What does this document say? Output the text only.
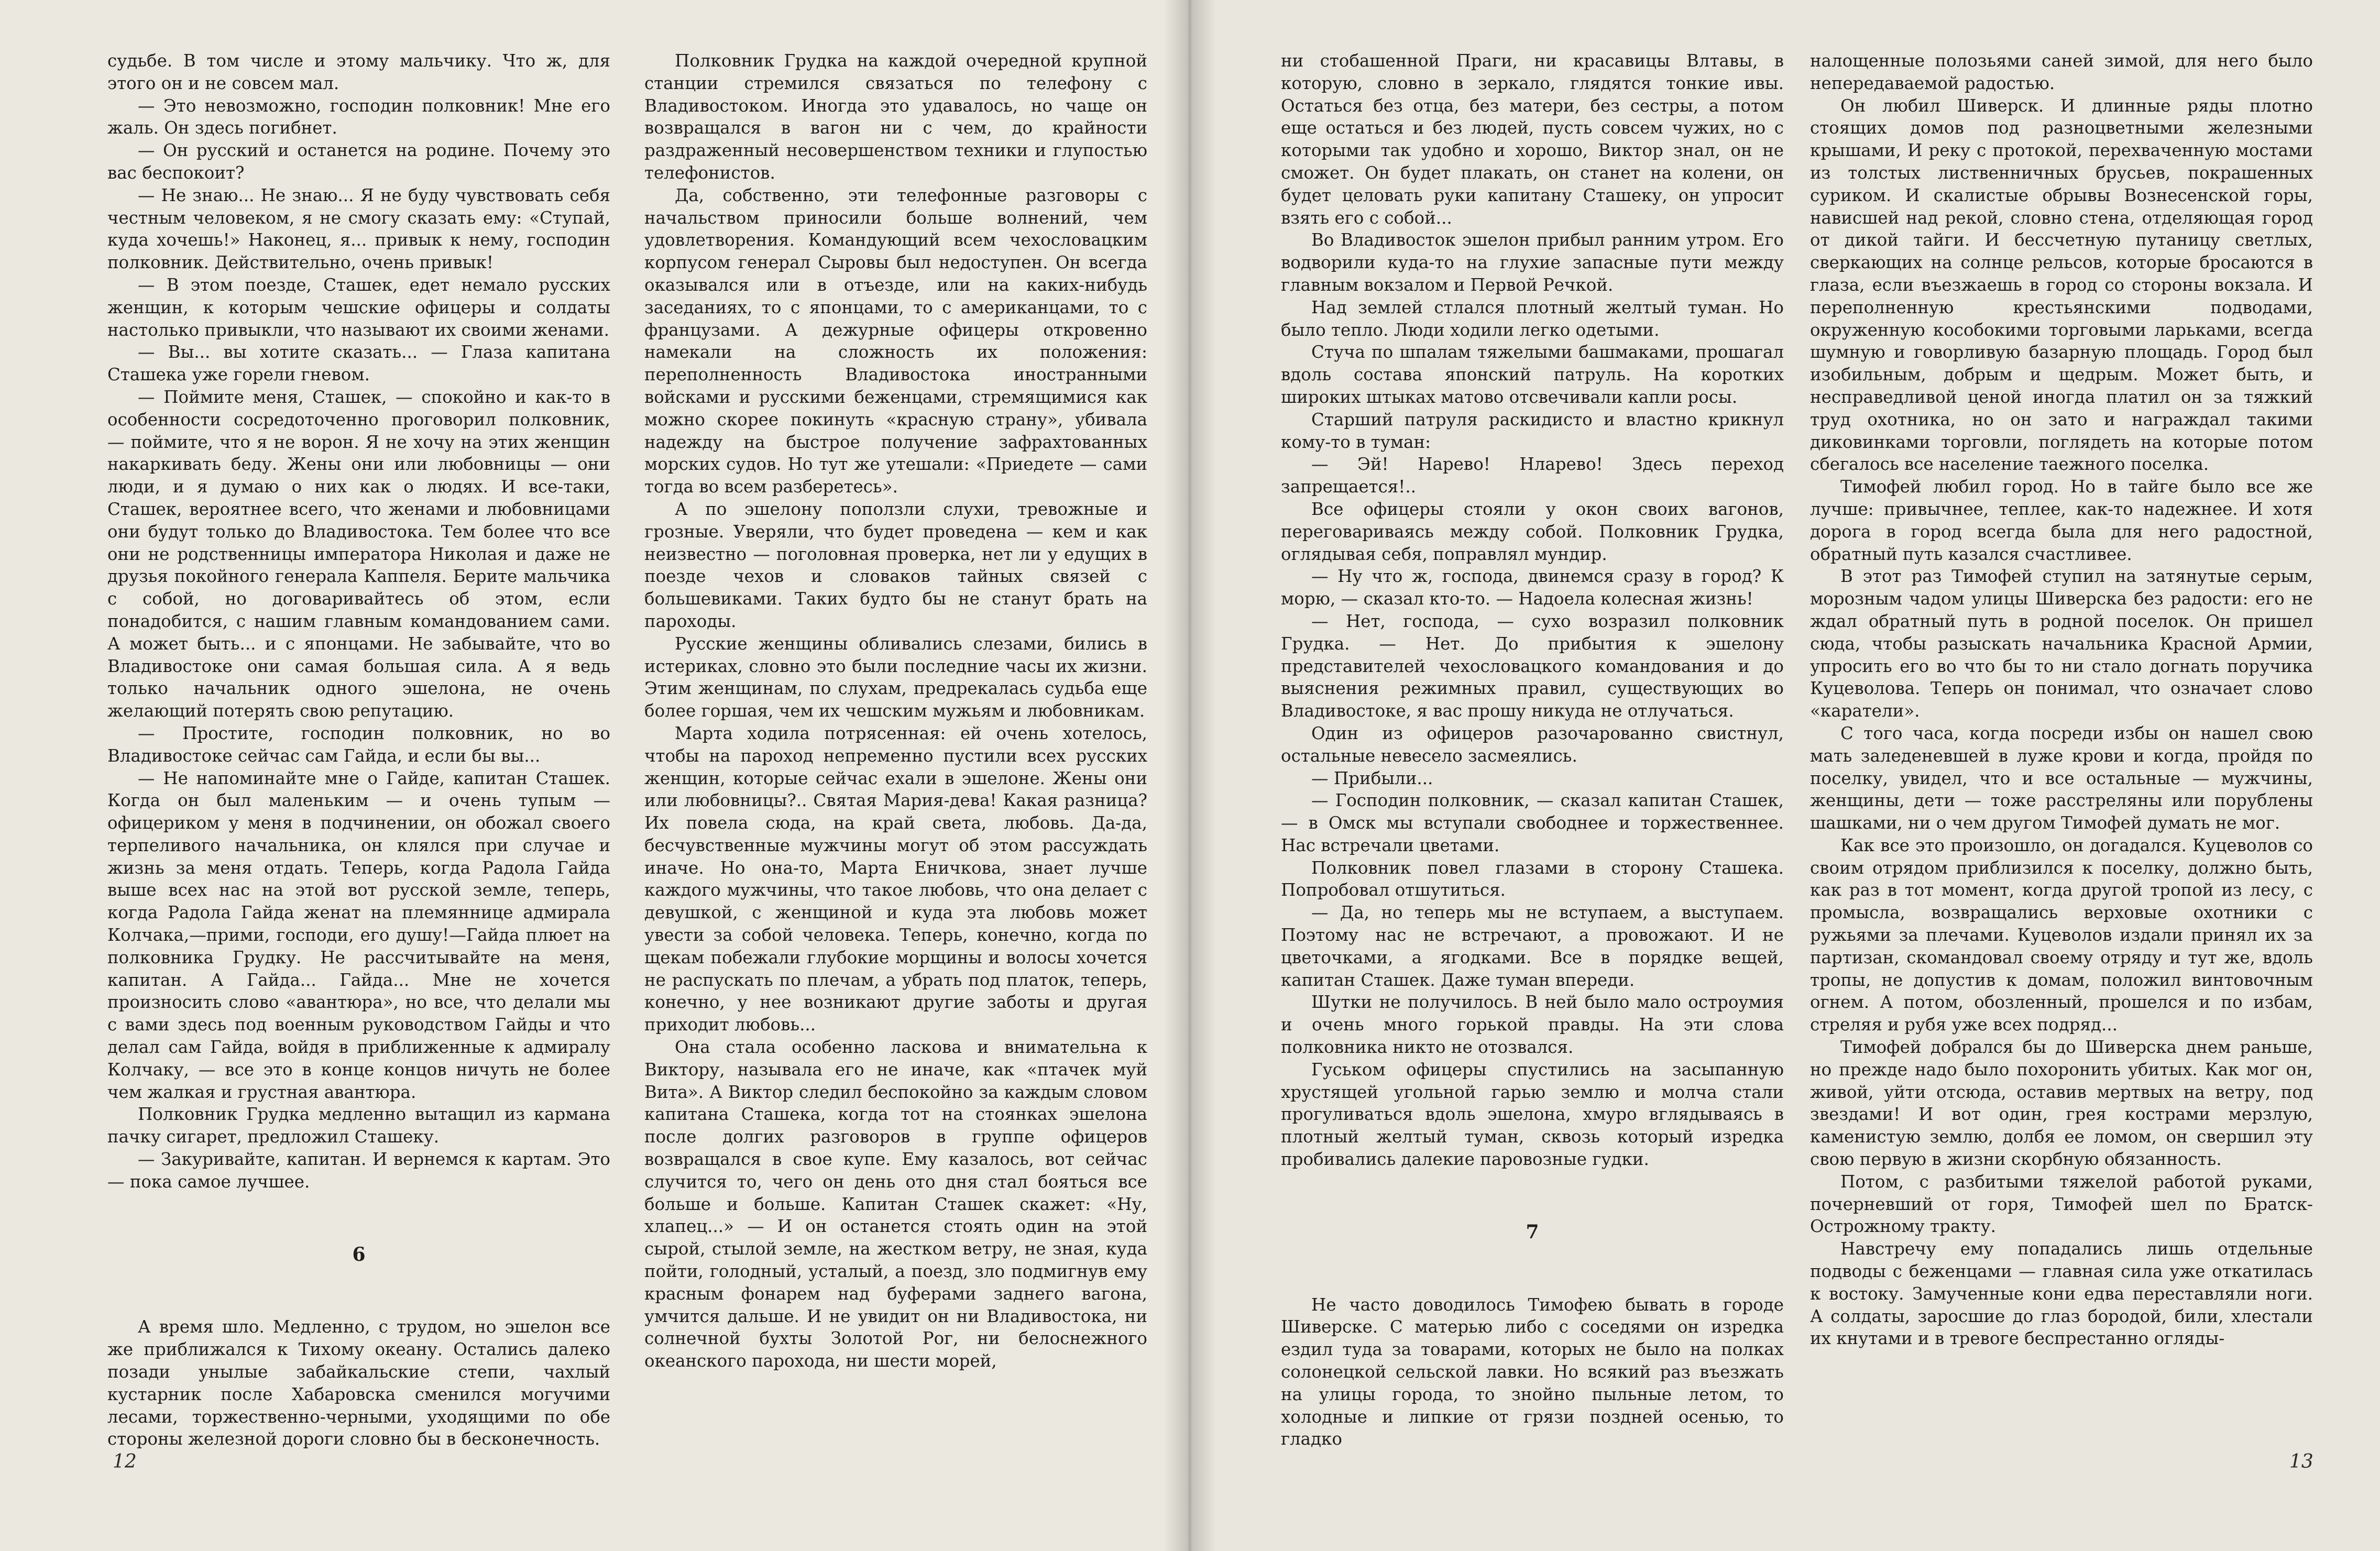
судьбе. В том числе и этому мальчику. Что ж, для этого он и не совсем мал.

— Это невозможно, господин полковник! Мне его жаль. Он здесь погибнет.

— Он русский и останется на родине. Почему это вас беспокоит?

— Не знаю... Не знаю... Я не буду чувствовать себя честным человеком, я не смогу сказать ему: «Ступай, куда хочешь!» Наконец, я... привык к нему, господин полковник. Действительно, очень привык!

— В этом поезде, Сташек, едет немало русских женщин, к которым чешские офицеры и солдаты настолько привыкли, что называют их своими женами.

— Вы... вы хотите сказать... — Глаза капитана Сташека уже горели гневом.

— Поймите меня, Сташек, — спокойно и как-то в особенности сосредоточенно проговорил полковник, — поймите, что я не ворон. Я не хочу на этих женщин накаркивать беду. Жены они или любовницы — они люди, и я думаю о них как о людях. И все-таки, Сташек, вероятнее всего, что женами и любовницами они будут только до Владивостока. Тем более что все они не родственницы императора Николая и даже не друзья покойного генерала Каппеля. Берите мальчика с собой, но договаривайтесь об этом, если понадобится, с нашим главным командованием сами. А может быть... и с японцами. Не забывайте, что во Владивостоке они самая большая сила. А я ведь только начальник одного эшелона, не очень желающий потерять свою репутацию.

— Простите, господин полковник, но во Владивостоке сейчас сам Гайда, и если бы вы...

— Не напоминайте мне о Гайде, капитан Сташек. Когда он был маленьким — и очень тупым — офицериком у меня в подчинении, он обожал своего терпеливого начальника, он клялся при случае и жизнь за меня отдать. Теперь, когда Радола Гайда выше всех нас на этой вот русской земле, теперь, когда Радола Гайда женат на племяннице адмирала Колчака,—прими, господи, его душу!—Гайда плюет на полковника Грудку. Не рассчитывайте на меня, капитан. А Гайда... Гайда... Мне не хочется произносить слово «авантюра», но все, что делали мы с вами здесь под военным руководством Гайды и что делал сам Гайда, войдя в приближенные к адмиралу Колчаку, — все это в конце концов ничуть не более чем жалкая и грустная авантюра.

Полковник Грудка медленно вытащил из кармана пачку сигарет, предложил Сташеку.

— Закуривайте, капитан. И вернемся к картам. Это — пока самое лучшее.

6

А время шло. Медленно, с трудом, но эшелон все же приближался к Тихому океану. Остались далеко позади унылые забайкальские степи, чахлый кустарник после Хабаровска сменился могучими лесами, торжественно-черными, уходящими по обе стороны железной дороги словно бы в бесконечность.

Полковник Грудка на каждой очередной крупной станции стремился связаться по телефону с Владивостоком. Иногда это удавалось, но чаще он возвращался в вагон ни с чем, до крайности раздраженный несовершенством техники и глупостью телефонистов.

Да, собственно, эти телефонные разговоры с начальством приносили больше волнений, чем удовлетворения. Командующий всем чехословацким корпусом генерал Сыровы был недоступен. Он всегда оказывался или в отъезде, или на каких-нибудь заседаниях, то с японцами, то с американцами, то с французами. А дежурные офицеры откровенно намекали на сложность их положения: переполненность Владивостока иностранными войсками и русскими беженцами, стремящимися как можно скорее покинуть «красную страну», убивала надежду на быстрое получение зафрахтованных морских судов. Но тут же утешали: «Приедете — сами тогда во всем разберетесь».

А по эшелону поползли слухи, тревожные и грозные. Уверяли, что будет проведена — кем и как неизвестно — поголовная проверка, нет ли у едущих в поезде чехов и словаков тайных связей с большевиками. Таких будто бы не станут брать на пароходы.

Русские женщины обливались слезами, бились в истериках, словно это были последние часы их жизни. Этим женщинам, по слухам, предрекалась судьба еще более горшая, чем их чешским мужьям и любовникам.

Марта ходила потрясенная: ей очень хотелось, чтобы на пароход непременно пустили всех русских женщин, которые сейчас ехали в эшелоне. Жены они или любовницы?.. Святая Мария-дева! Какая разница? Их повела сюда, на край света, любовь. Да-да, бесчувственные мужчины могут об этом рассуждать иначе. Но она-то, Марта Еничкова, знает лучше каждого мужчины, что такое любовь, что она делает с девушкой, с женщиной и куда эта любовь может увести за собой человека. Теперь, конечно, когда по щекам побежали глубокие морщины и волосы хочется не распускать по плечам, а убрать под платок, теперь, конечно, у нее возникают другие заботы и другая приходит любовь...

Она стала особенно ласкова и внимательна к Виктору, называла его не иначе, как «птачек муй Вита». А Виктор следил беспокойно за каждым словом капитана Сташека, когда тот на стоянках эшелона после долгих разговоров в группе офицеров возвращался в свое купе. Ему казалось, вот сейчас случится то, чего он день ото дня стал бояться все больше и больше. Капитан Сташек скажет: «Ну, хлапец...» — И он останется стоять один на этой сырой, стылой земле, на жестком ветру, не зная, куда пойти, голодный, усталый, а поезд, зло подмигнув ему красным фонарем над буферами заднего вагона, умчится дальше. И не увидит он ни Владивостока, ни солнечной бухты Золотой Рог, ни белоснежного океанского парохода, ни шести морей,

12

ни стобашенной Праги, ни красавицы Влтавы, в которую, словно в зеркало, глядятся тонкие ивы. Остаться без отца, без матери, без сестры, а потом еще остаться и без людей, пусть совсем чужих, но с которыми так удобно и хорошо, Виктор знал, он не сможет. Он будет плакать, он станет на колени, он будет целовать руки капитану Сташеку, он упросит взять его с собой...

Во Владивосток эшелон прибыл ранним утром. Его водворили куда-то на глухие запасные пути между главным вокзалом и Первой Речкой.

Над землей стлался плотный желтый туман. Но было тепло. Люди ходили легко одетыми.

Стуча по шпалам тяжелыми башмаками, прошагал вдоль состава японский патруль. На коротких широких штыках матово отсвечивали капли росы.

Старший патруля раскидисто и властно крикнул кому-то в туман:

— Эй! Нарево! Нларево! Здесь переход запрещается!..

Все офицеры стояли у окон своих вагонов, переговариваясь между собой. Полковник Грудка, оглядывая себя, поправлял мундир.

— Ну что ж, господа, двинемся сразу в город? К морю, — сказал кто-то. — Надоела колесная жизнь!

— Нет, господа, — сухо возразил полковник Грудка. — Нет. До прибытия к эшелону представителей чехословацкого командования и до выяснения режимных правил, существующих во Владивостоке, я вас прошу никуда не отлучаться.

Один из офицеров разочарованно свистнул, остальные невесело засмеялись.

— Прибыли...

— Господин полковник, — сказал капитан Сташек, — в Омск мы вступали свободнее и торжественнее. Нас встречали цветами.

Полковник повел глазами в сторону Сташека. Попробовал отшутиться.

— Да, но теперь мы не вступаем, а выступаем. Поэтому нас не встречают, а провожают. И не цветочками, а ягодками. Все в порядке вещей, капитан Сташек. Даже туман впереди.

Шутки не получилось. В ней было мало остроумия и очень много горькой правды. На эти слова полковника никто не отозвался.

Гуськом офицеры спустились на засыпанную хрустящей угольной гарью землю и молча стали прогуливаться вдоль эшелона, хмуро вглядываясь в плотный желтый туман, сквозь который изредка пробивались далекие паровозные гудки.

7

Не часто доводилось Тимофею бывать в городе Шиверске. С матерью либо с соседями он изредка ездил туда за товарами, которых не было на полках солонецкой сельской лавки. Но всякий раз въезжать на улицы города, то знойно пыльные летом, то холодные и липкие от грязи поздней осенью, то гладко

налощенные полозьями саней зимой, для него было непередаваемой радостью.

Он любил Шиверск. И длинные ряды плотно стоящих домов под разноцветными железными крышами, И реку с протокой, перехваченную мостами из толстых лиственничных брусьев, покрашенных суриком. И скалистые обрывы Вознесенской горы, нависшей над рекой, словно стена, отделяющая город от дикой тайги. И бессчетную путаницу светлых, сверкающих на солнце рельсов, которые бросаются в глаза, если въезжаешь в город со стороны вокзала. И переполненную крестьянскими подводами, окруженную кособокими торговыми ларьками, всегда шумную и говорливую базарную площадь. Город был изобильным, добрым и щедрым. Может быть, и несправедливой ценой иногда платил он за тяжкий труд охотника, но он зато и награждал такими диковинками торговли, поглядеть на которые потом сбегалось все население таежного поселка.

Тимофей любил город. Но в тайге было все же лучше: привычнее, теплее, как-то надежнее. И хотя дорога в город всегда была для него радостной, обратный путь казался счастливее.

В этот раз Тимофей ступил на затянутые серым, морозным чадом улицы Шиверска без радости: его не ждал обратный путь в родной поселок. Он пришел сюда, чтобы разыскать начальника Красной Армии, упросить его во что бы то ни стало догнать поручика Куцеволова. Теперь он понимал, что означает слово «каратели».

С того часа, когда посреди избы он нашел свою мать заледеневшей в луже крови и когда, пройдя по поселку, увидел, что и все остальные — мужчины, женщины, дети — тоже расстреляны или порублены шашками, ни о чем другом Тимофей думать не мог.

Как все это произошло, он догадался. Куцеволов со своим отрядом приблизился к поселку, должно быть, как раз в тот момент, когда другой тропой из лесу, с промысла, возвращались верховые охотники с ружьями за плечами. Куцеволов издали принял их за партизан, скомандовал своему отряду и тут же, вдоль тропы, не допустив к домам, положил винтовочным огнем. А потом, обозленный, прошелся и по избам, стреляя и рубя уже всех подряд...

Тимофей добрался бы до Шиверска днем раньше, но прежде надо было похоронить убитых. Как мог он, живой, уйти отсюда, оставив мертвых на ветру, под звездами! И вот один, грея кострами мерзлую, каменистую землю, долбя ее ломом, он свершил эту свою первую в жизни скорбную обязанность.

Потом, с разбитыми тяжелой работой руками, почерневший от горя, Тимофей шел по Братск-Острожному тракту.

Навстречу ему попадались лишь отдельные подводы с беженцами — главная сила уже откатилась к востоку. Замученные кони едва переставляли ноги. А солдаты, заросшие до глаз бородой, били, хлестали их кнутами и в тревоге беспрестанно огляды-

13
